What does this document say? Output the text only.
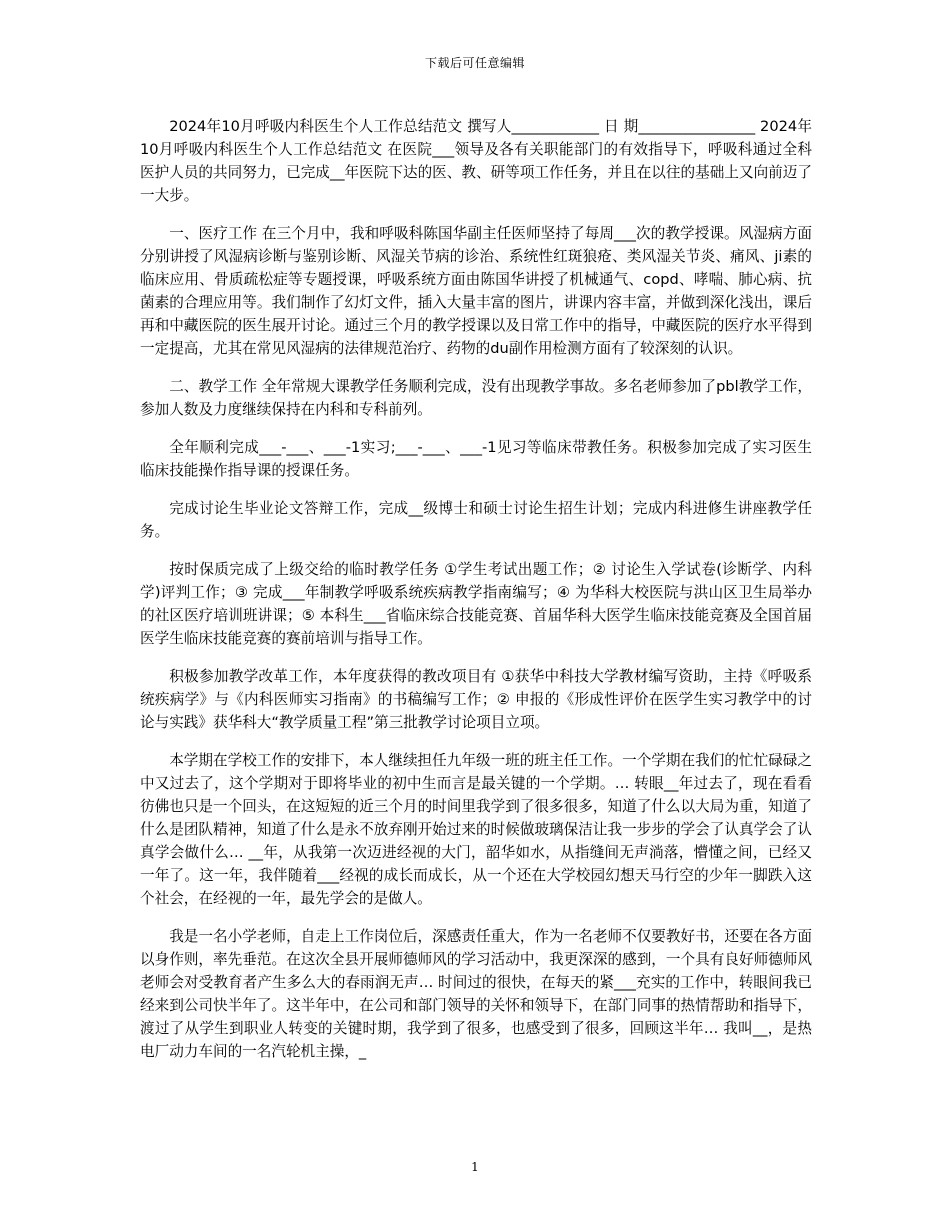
下载后可任意编辑

2024年10月呼吸内科医生个人工作总结范文 撰写人____________ 日 期________________ 2024年10月呼吸内科医生个人工作总结范文 在医院___领导及各有关职能部门的有效指导下，呼吸科通过全科医护人员的共同努力，已完成__年医院下达的医、教、研等项工作任务，并且在以往的基础上又向前迈了一大步。

一、医疗工作 在三个月中，我和呼吸科陈国华副主任医师坚持了每周___次的教学授课。风湿病方面分别讲授了风湿病诊断与鉴别诊断、风湿关节病的诊治、系统性红斑狼疮、类风湿关节炎、痛风、ji素的临床应用、骨质疏松症等专题授课，呼吸系统方面由陈国华讲授了机械通气、copd、哮喘、肺心病、抗菌素的合理应用等。我们制作了幻灯文件，插入大量丰富的图片，讲课内容丰富，并做到深化浅出，课后再和中藏医院的医生展开讨论。通过三个月的教学授课以及日常工作中的指导，中藏医院的医疗水平得到一定提高，尤其在常见风湿病的法律规范治疗、药物的du副作用检测方面有了较深刻的认识。

二、教学工作 全年常规大课教学任务顺利完成，没有出现教学事故。多名老师参加了pbl教学工作，参加人数及力度继续保持在内科和专科前列。

全年顺利完成___-___、___-1实习;___-___、___-1见习等临床带教任务。积极参加完成了实习医生临床技能操作指导课的授课任务。

完成讨论生毕业论文答辩工作，完成__级博士和硕士讨论生招生计划；完成内科进修生讲座教学任务。

按时保质完成了上级交给的临时教学任务 ①学生考试出题工作；② 讨论生入学试卷(诊断学、内科学)评判工作；③ 完成___年制教学呼吸系统疾病教学指南编写；④ 为华科大校医院与洪山区卫生局举办的社区医疗培训班讲课；⑤ 本科生___省临床综合技能竞赛、首届华科大医学生临床技能竞赛及全国首届医学生临床技能竞赛的赛前培训与指导工作。

积极参加教学改革工作，本年度获得的教改项目有 ①获华中科技大学教材编写资助，主持《呼吸系统疾病学》与《内科医师实习指南》的书稿编写工作；② 申报的《形成性评价在医学生实习教学中的讨论与实践》获华科大“教学质量工程”第三批教学讨论项目立项。

本学期在学校工作的安排下，本人继续担任九年级一班的班主任工作。一个学期在我们的忙忙碌碌之中又过去了，这个学期对于即将毕业的初中生而言是最关键的一个学期。… 转眼__年过去了，现在看看彷佛也只是一个回头，在这短短的近三个月的时间里我学到了很多很多，知道了什么以大局为重，知道了什么是团队精神，知道了什么是永不放弃刚开始过来的时候做玻璃保洁让我一步步的学会了认真学会了认真学会做什么… __年，从我第一次迈进经视的大门，韶华如水，从指缝间无声淌落，懵懂之间，已经又一年了。这一年，我伴随着___经视的成长而成长，从一个还在大学校园幻想天马行空的少年一脚跌入这个社会，在经视的一年，最先学会的是做人。

我是一名小学老师，自走上工作岗位后，深感责任重大，作为一名老师不仅要教好书，还要在各方面以身作则，率先垂范。在这次全县开展师德师风的学习活动中，我更深深的感到，一个具有良好师德师风老师会对受教育者产生多么大的春雨润无声… 时间过的很快，在每天的紧___充实的工作中，转眼间我已经来到公司快半年了。这半年中，在公司和部门领导的关怀和领导下，在部门同事的热情帮助和指导下，渡过了从学生到职业人转变的关键时期，我学到了很多，也感受到了很多，回顾这半年… 我叫__，是热电厂动力车间的一名汽轮机主操，_

1
